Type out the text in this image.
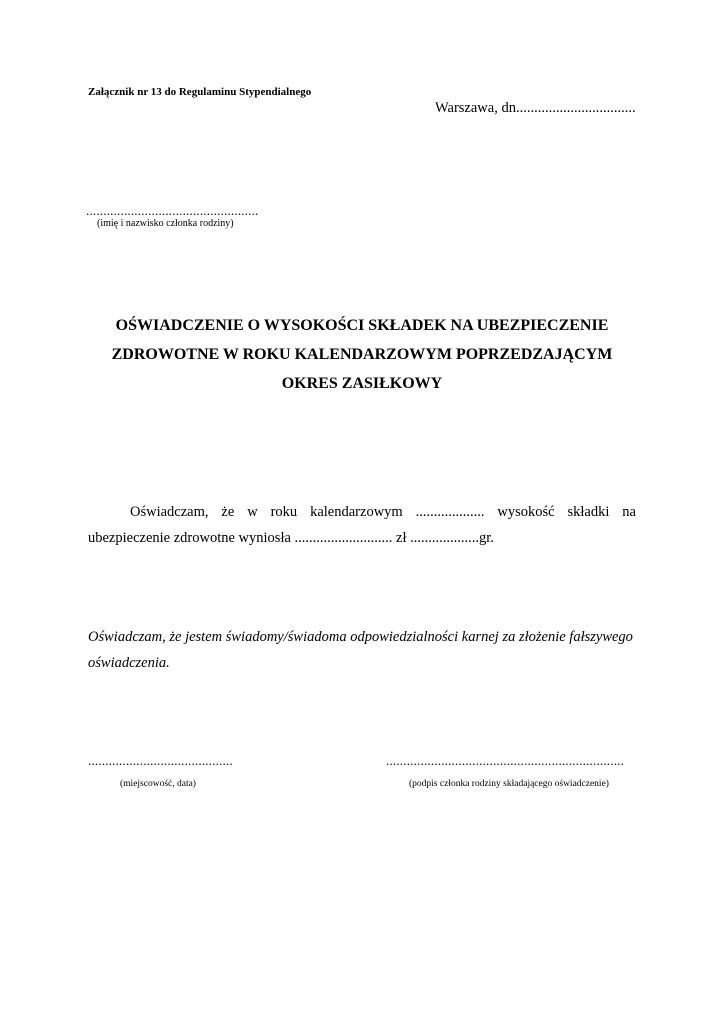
Załącznik nr 13 do Regulaminu Stypendialnego
Warszawa, dn.................................
..................................................
(imię i nazwisko członka rodziny)
OŚWIADCZENIE O WYSOKOŚCI SKŁADEK NA UBEZPIECZENIE
ZDROWOTNE W ROKU KALENDARZOWYM POPRZEDZAJĄCYM
OKRES ZASIŁKOWY
Oświadczam, że w roku kalendarzowym ................... wysokość składki na
ubezpieczenie zdrowotne wyniosła ........................... zł ...................gr.
Oświadczam, że jestem świadomy/świadoma odpowiedzialności karnej za złożenie fałszywego oświadczenia.
..........................................
(miejscowość, data)
.....................................................................
(podpis członka rodziny składającego oświadczenie)
